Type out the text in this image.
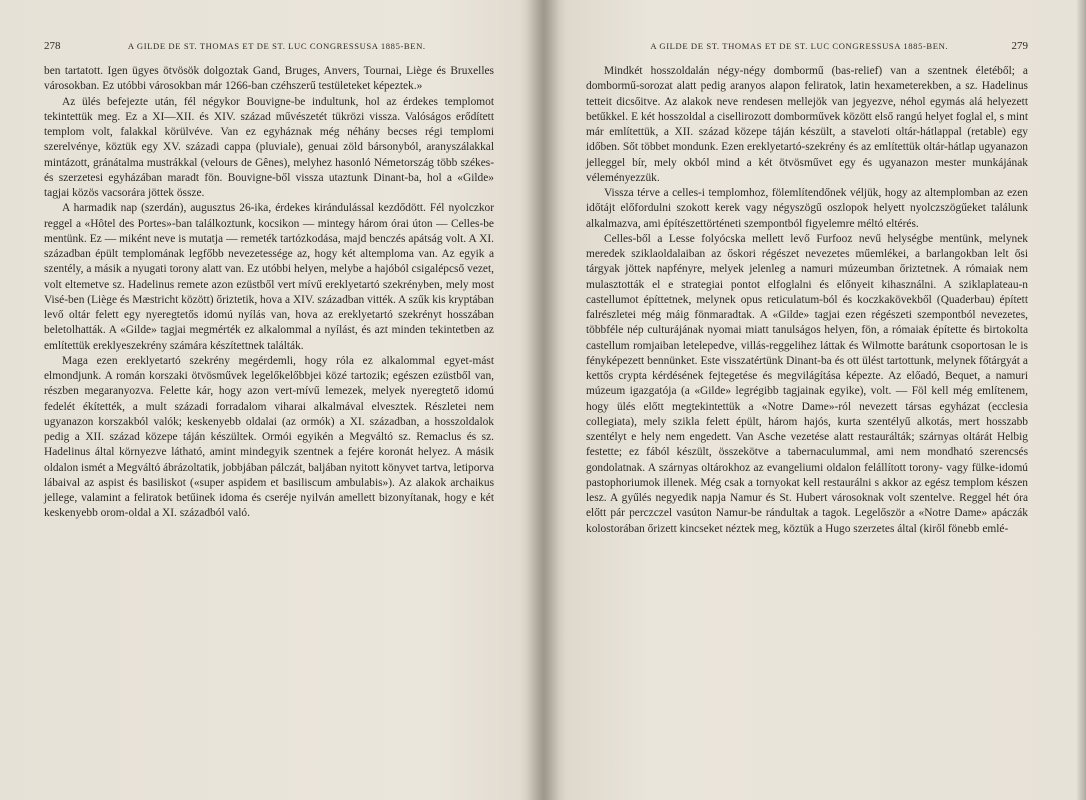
278	A GILDE DE ST. THOMAS ET DE ST. LUC CONGRESSUSA 1885-BEN.

ben tartatott. Igen ügyes ötvösök dolgoztak Gand, Bruges, Anvers, Tournai, Liège és Bruxelles városokban. Ez utóbbi városokban már 1266-ban czéhszerű testületeket képeztek.»

Az ülés befejezte után, fél négykor Bouvigne-be indultunk, hol az érdekes templomot tekintettük meg. Ez a XI—XII. és XIV. század művészetét tükrözi vissza. Valóságos erődített templom volt, falakkal körülvéve. Van ez egyháznak még néhány becses régi templomi szerelvénye, köztük egy XV. századi cappa (pluviale), genuai zöld bársonyból, aranyszálakkal mintázott, gránátalma mustrákkal (velours de Gênes), melyhez hasonló Németország több székes- és szerzetesi egyházában maradt fön. Bouvigne-ből vissza utaztunk Dinant-ba, hol a «Gilde» tagjai közös vacsorára jöttek össze.

A harmadik nap (szerdán), augusztus 26-ika, érdekes kirándulással kezdődött. Fél nyolczkor reggel a «Hôtel des Portes»-ban találkoztunk, kocsikon — mintegy három órai úton — Celles-be mentünk. Ez — miként neve is mutatja — remeték tartózkodása, majd benczés apátság volt. A XI. században épült templomának legfőbb nevezetessége az, hogy két altemploma van. Az egyik a szentély, a másik a nyugati torony alatt van. Ez utóbbi helyen, melybe a hajóból csigalépcső vezet, volt eltemetve sz. Hadelinus remete azon ezüstből vert mívű ereklyetartó szekrényben, mely most Visé-ben (Liège és Mæstricht között) őriztetik, hova a XIV. században vitték. A szűk kis kryptában levő oltár felett egy nyeregtetős idomú nyílás van, hova az ereklyetartó szekrényt hosszában beletolhatták. A «Gilde» tagjai megmérték ez alkalommal a nyílást, és azt minden tekintetben az említettük ereklyeszekrény számára készítettnek találták.

Maga ezen ereklyetartó szekrény megérdemli, hogy róla ez alkalommal egyet-mást elmondjunk. A román korszaki ötvösművek legelőkelőbbjei közé tartozik; egészen ezüstből van, részben megaranyozva. Felette kár, hogy azon vert-mívű lemezek, melyek nyeregtető idomú fedelét ékítették, a mult századi forradalom viharai alkalmával elvesztek. Részletei nem ugyanazon korszakból valók; keskenyebb oldalai (az ormók) a XI. században, a hosszoldalok pedig a XII. század közepe táján készültek. Ormói egyikén a Megváltó sz. Remaclus és sz. Hadelinus által környezve látható, amint mindegyik szentnek a fejére koronát helyez. A másik oldalon ismét a Megváltó ábrázoltatik, jobbjában pálczát, baljában nyitott könyvet tartva, letiporva lábaival az aspist és basiliskot («super aspidem et basiliscum ambulabis»). Az alakok archaikus jellege, valamint a feliratok betűinek idoma és cseréje nyilván amellett bizonyítanak, hogy e két keskenyebb orom-oldal a XI. századból való.

A GILDE DE ST. THOMAS ET DE ST. LUC CONGRESSUSA 1885-BEN.	279

Mindkét hosszoldalán négy-négy dombormű (bas-relief) van a szentnek életéből; a dombormű-sorozat alatt pedig aranyos alapon feliratok, latin hexameterekben, a sz. Hadelinus tetteit dicsőitve. Az alakok neve rendesen mellejök van jegyezve, néhol egymás alá helyezett betűkkel. E két hosszoldal a cisellirozott domborművek között első rangú helyet foglal el, s mint már említettük, a XII. század közepe táján készült, a staveloti oltár-hátlappal (retable) egy időben. Sőt többet mondunk. Ezen ereklyetartó-szekrény és az említettük oltár-hátlap ugyanazon jelleggel bír, mely okból mind a két ötvösművet egy és ugyanazon mester munkájának véleményezzük.

Vissza térve a celles-i templomhoz, fölemlítendőnek véljük, hogy az altemplomban az ezen időtájt előfordulni szokott kerek vagy négyszögű oszlopok helyett nyolczszögűeket találunk alkalmazva, ami építészettörténeti szempontból figyelemre méltó eltérés.

Celles-ből a Lesse folyócska mellett levő Furfooz nevű helységbe mentünk, melynek meredek sziklaoldalaiban az őskori régészet nevezetes műemlékei, a barlangokban lelt ősi tárgyak jöttek napfényre, melyek jelenleg a namuri múzeumban őriztetnek. A rómaiak nem mulasztották el e strategiai pontot elfoglalni és előnyeit kihasználni. A sziklaplateau-n castellumot építtetnek, melynek opus reticulatum-ból és koczkakövekből (Quaderbau) épített falrészletei még máig fönmaradtak. A «Gilde» tagjai ezen régészeti szempontból nevezetes, többféle nép culturájának nyomai miatt tanulságos helyen, fön, a rómaiak építette és birtokolta castellum romjaiban letelepedve, villás-reggelihez láttak és Wilmotte barátunk csoportosan le is fényképezett bennünket. Este visszatértünk Dinant-ba és ott ülést tartottunk, melynek főtárgyát a kettős crypta kérdésének fejtegetése és megvilágítása képezte. Az előadó, Bequet, a namuri múzeum igazgatója (a «Gilde» legrégibb tagjainak egyike), volt. — Föl kell még említenem, hogy ülés előtt megtekintettük a «Notre Dame»-ról nevezett társas egyházat (ecclesia collegiata), mely szikla felett épült, három hajós, kurta szentélyű alkotás, mert hosszabb szentélyt e hely nem engedett. Van Asche vezetése alatt restaurálták; szárnyas oltárát Helbig festette; ez fából készült, összekötve a tabernaculummal, ami nem mondható szerencsés gondolatnak. A szárnyas oltárokhoz az evangeliumi oldalon felállított torony- vagy fülke-idomú pastophoriumok illenek. Még csak a tornyokat kell restaurálni s akkor az egész templom készen lesz. A gyűlés negyedik napja Namur és St. Hubert városoknak volt szentelve. Reggel hét óra előtt pár perczczel vasúton Namur-be rándultak a tagok. Legelőször a «Notre Dame» apáczák kolostorában őrizett kincseket néztek meg, köztük a Hugo szerzetes által (kiről fönebb emlé-
